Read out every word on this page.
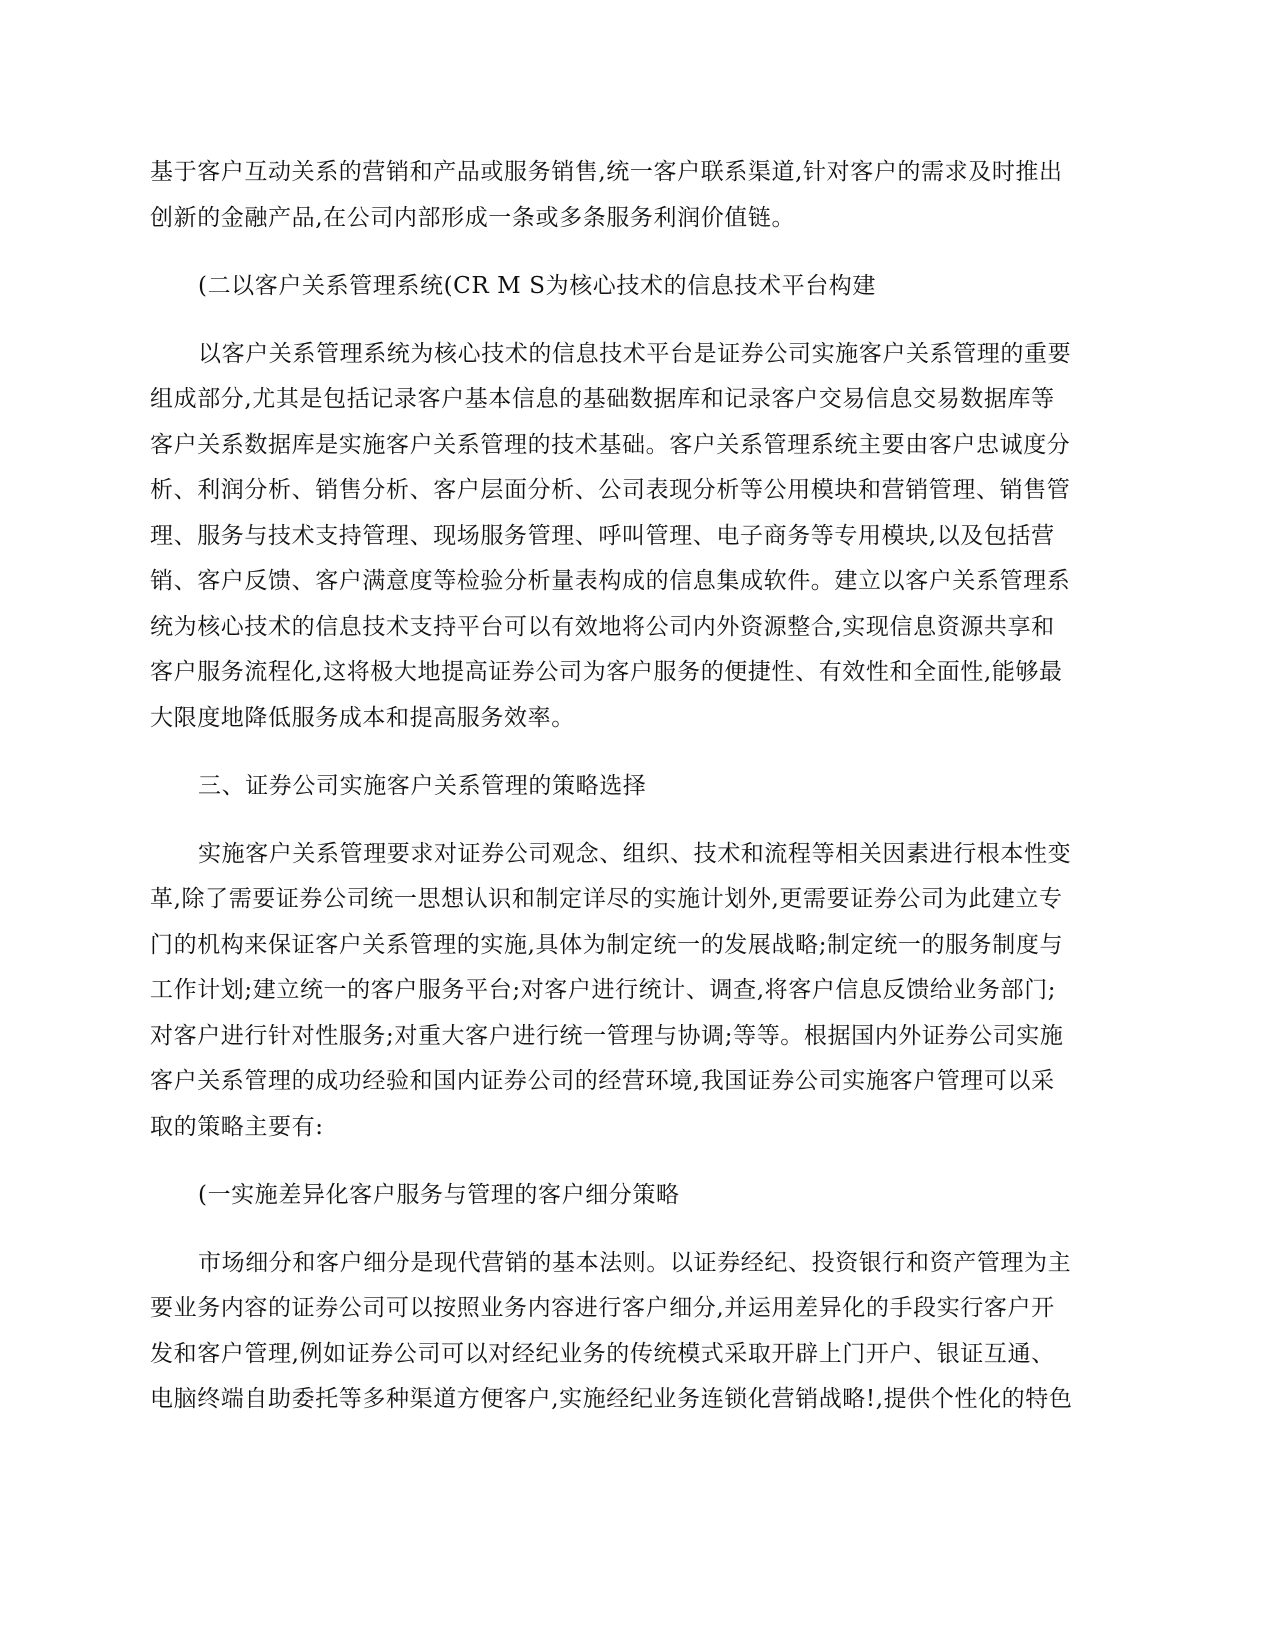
基于客户互动关系的营销和产品或服务销售,统一客户联系渠道,针对客户的需求及时推出
创新的金融产品,在公司内部形成一条或多条服务利润价值链。
(二以客户关系管理系统(CR M S为核心技术的信息技术平台构建
以客户关系管理系统为核心技术的信息技术平台是证券公司实施客户关系管理的重要
组成部分,尤其是包括记录客户基本信息的基础数据库和记录客户交易信息交易数据库等
客户关系数据库是实施客户关系管理的技术基础。客户关系管理系统主要由客户忠诚度分
析、利润分析、销售分析、客户层面分析、公司表现分析等公用模块和营销管理、销售管
理、服务与技术支持管理、现场服务管理、呼叫管理、电子商务等专用模块,以及包括营
销、客户反馈、客户满意度等检验分析量表构成的信息集成软件。建立以客户关系管理系
统为核心技术的信息技术支持平台可以有效地将公司内外资源整合,实现信息资源共享和
客户服务流程化,这将极大地提高证券公司为客户服务的便捷性、有效性和全面性,能够最
大限度地降低服务成本和提高服务效率。
三、证券公司实施客户关系管理的策略选择
实施客户关系管理要求对证券公司观念、组织、技术和流程等相关因素进行根本性变
革,除了需要证券公司统一思想认识和制定详尽的实施计划外,更需要证券公司为此建立专
门的机构来保证客户关系管理的实施,具体为制定统一的发展战略;制定统一的服务制度与
工作计划;建立统一的客户服务平台;对客户进行统计、调查,将客户信息反馈给业务部门;
对客户进行针对性服务;对重大客户进行统一管理与协调;等等。根据国内外证券公司实施
客户关系管理的成功经验和国内证券公司的经营环境,我国证券公司实施客户管理可以采
取的策略主要有:
(一实施差异化客户服务与管理的客户细分策略
市场细分和客户细分是现代营销的基本法则。以证券经纪、投资银行和资产管理为主
要业务内容的证券公司可以按照业务内容进行客户细分,并运用差异化的手段实行客户开
发和客户管理,例如证券公司可以对经纪业务的传统模式采取开辟上门开户、银证互通、
电脑终端自助委托等多种渠道方便客户,实施经纪业务连锁化营销战略!,提供个性化的特色
